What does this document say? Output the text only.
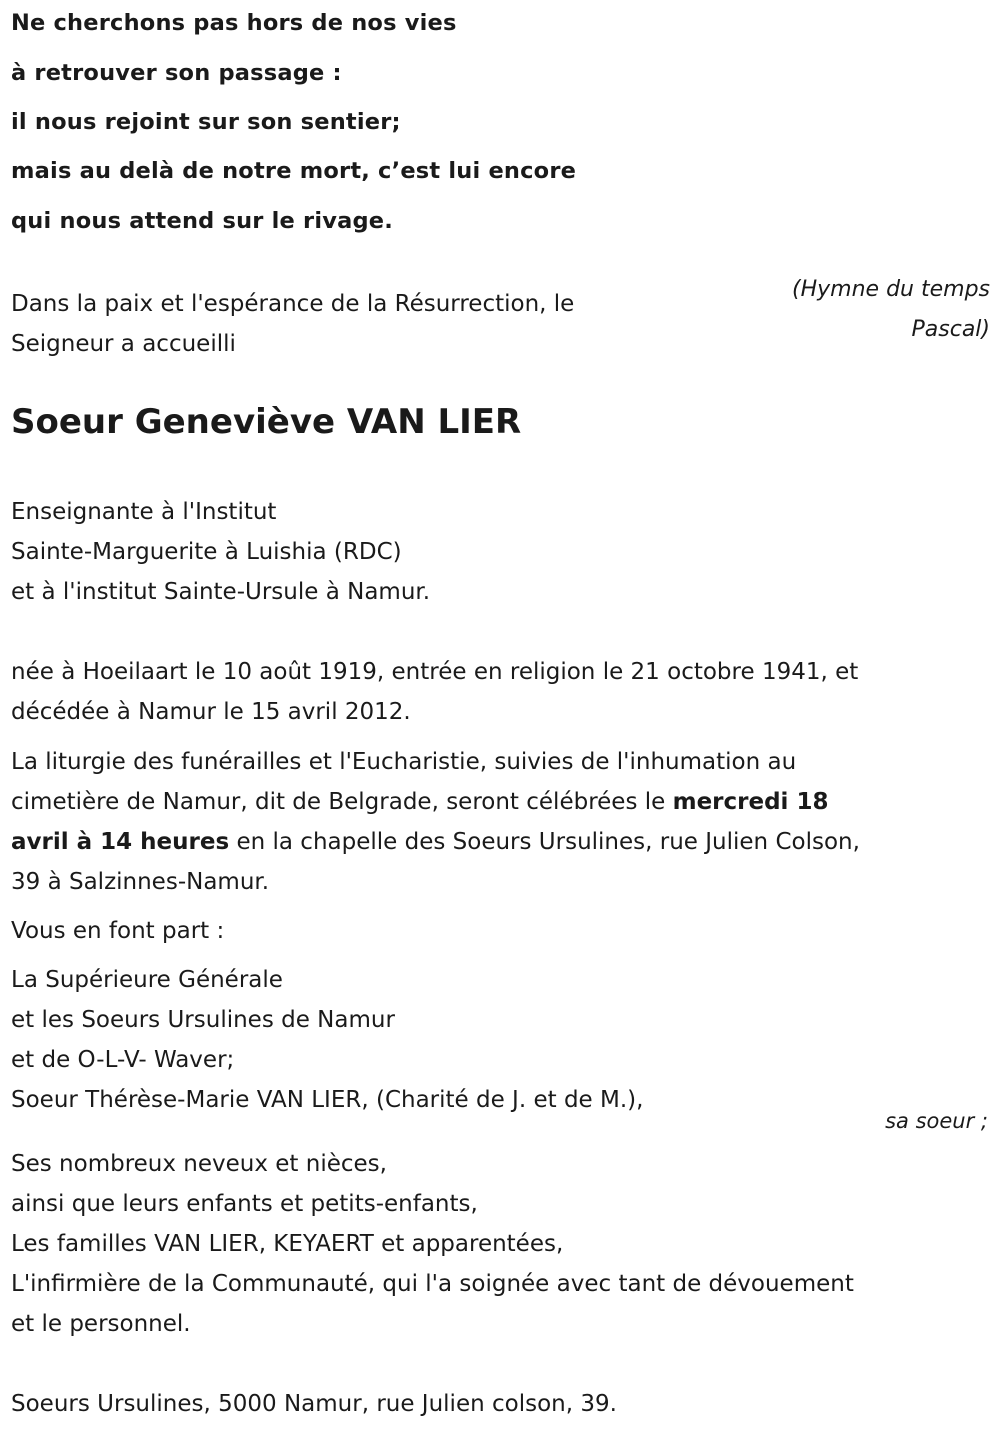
Ne cherchons pas hors de nos vies
à retrouver son passage :
il nous rejoint sur son sentier;
mais au delà de notre mort, c’est lui encore
qui nous attend sur le rivage.
(Hymne du temps
Pascal)
Dans la paix et l'espérance de la Résurrection, le
Seigneur a accueilli
Soeur Geneviève VAN LIER
Enseignante à l'Institut
Sainte-Marguerite à Luishia (RDC)
et à l'institut Sainte-Ursule à Namur.
née à Hoeilaart le 10 août 1919, entrée en religion le 21 octobre 1941, et
décédée à Namur le 15 avril 2012.
La liturgie des funérailles et l'Eucharistie, suivies de l'inhumation au
cimetière de Namur, dit de Belgrade, seront célébrées le mercredi 18
avril à 14 heures en la chapelle des Soeurs Ursulines, rue Julien Colson,
39 à Salzinnes-Namur.
Vous en font part :
La Supérieure Générale
et les Soeurs Ursulines de Namur
et de O-L-V- Waver;
Soeur Thérèse-Marie VAN LIER, (Charité de J. et de M.),
sa soeur ;
Ses nombreux neveux et nièces,
ainsi que leurs enfants et petits-enfants,
Les familles VAN LIER, KEYAERT et apparentées,
L'infirmière de la Communauté, qui l'a soignée avec tant de dévouement
et le personnel.
Soeurs Ursulines, 5000 Namur, rue Julien colson, 39.
